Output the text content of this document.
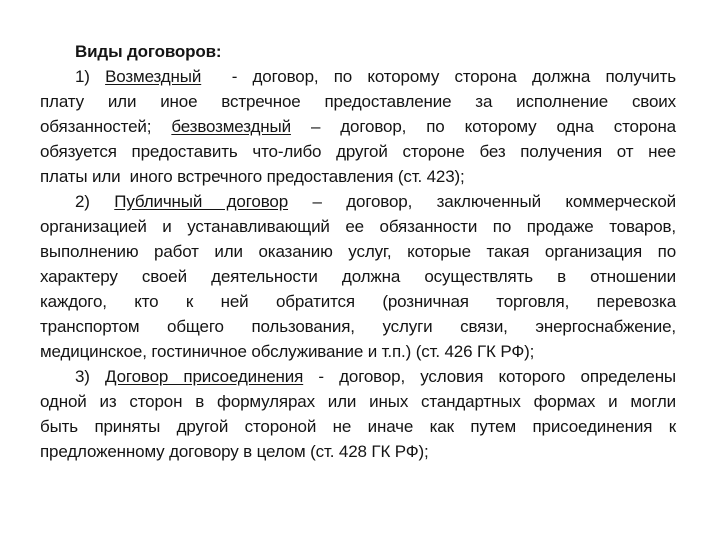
Виды договоров:
1) Возмездный  - договор, по которому сторона должна получить
плату или иное встречное предоставление за исполнение своих
обязанностей; безвозмездный – договор, по которому одна сторона
обязуется предоставить что-либо другой стороне без получения от нее
платы или  иного встречного предоставления (ст. 423);
2) Публичный договор – договор, заключенный коммерческой
организацией и устанавливающий ее обязанности по продаже товаров,
выполнению работ или оказанию услуг, которые такая организация по
характеру своей деятельности должна осуществлять в отношении
каждого, кто к ней обратится (розничная торговля, перевозка
транспортом общего пользования, услуги связи, энергоснабжение,
медицинское, гостиничное обслуживание и т.п.) (ст. 426 ГК РФ);
3) Договор присоединения - договор, условия которого определены
одной из сторон в формулярах или иных стандартных формах и могли
быть приняты другой стороной не иначе как путем присоединения к
предложенному договору в целом (ст. 428 ГК РФ);
